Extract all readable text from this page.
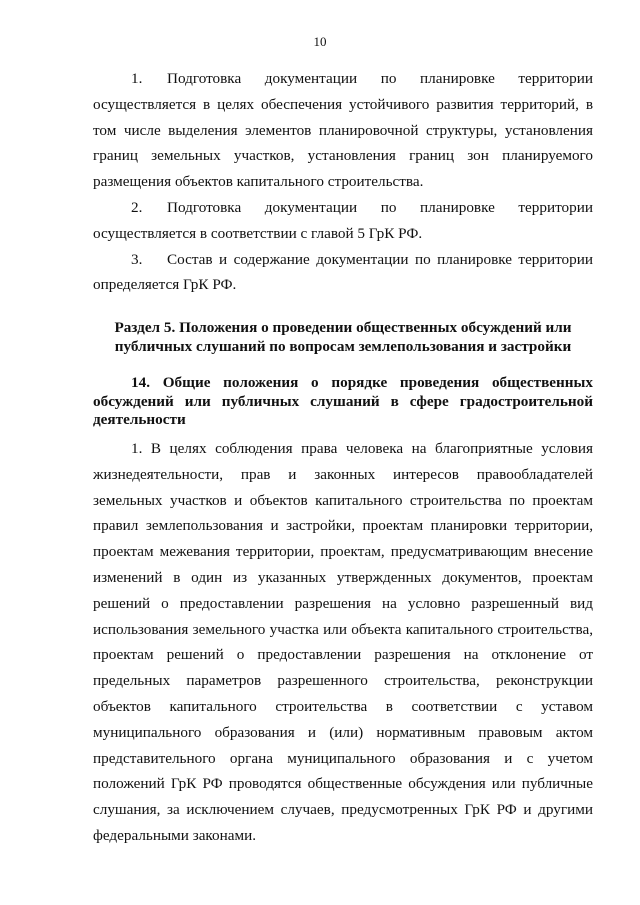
10

1. Подготовка документации по планировке территории осуществляется в целях обеспечения устойчивого развития территорий, в том числе выделения элементов планировочной структуры, установления границ земельных участков, установления границ зон планируемого размещения объектов капитального строительства.

2. Подготовка документации по планировке территории осуществляется в соответствии с главой 5 ГрК РФ.

3. Состав и содержание документации по планировке территории определяется ГрК РФ.

Раздел 5. Положения о проведении общественных обсуждений или публичных слушаний по вопросам землепользования и застройки
14. Общие положения о порядке проведения общественных обсуждений или публичных слушаний в сфере градостроительной деятельности

1. В целях соблюдения права человека на благоприятные условия жизнедеятельности, прав и законных интересов правообладателей земельных участков и объектов капитального строительства по проектам правил землепользования и застройки, проектам планировки территории, проектам межевания территории, проектам, предусматривающим внесение изменений в один из указанных утвержденных документов, проектам решений о предоставлении разрешения на условно разрешенный вид использования земельного участка или объекта капитального строительства, проектам решений о предоставлении разрешения на отклонение от предельных параметров разрешенного строительства, реконструкции объектов капитального строительства в соответствии с уставом муниципального образования и (или) нормативным правовым актом представительного органа муниципального образования и с учетом положений ГрК РФ проводятся общественные обсуждения или публичные слушания, за исключением случаев, предусмотренных ГрК РФ и другими федеральными законами.
